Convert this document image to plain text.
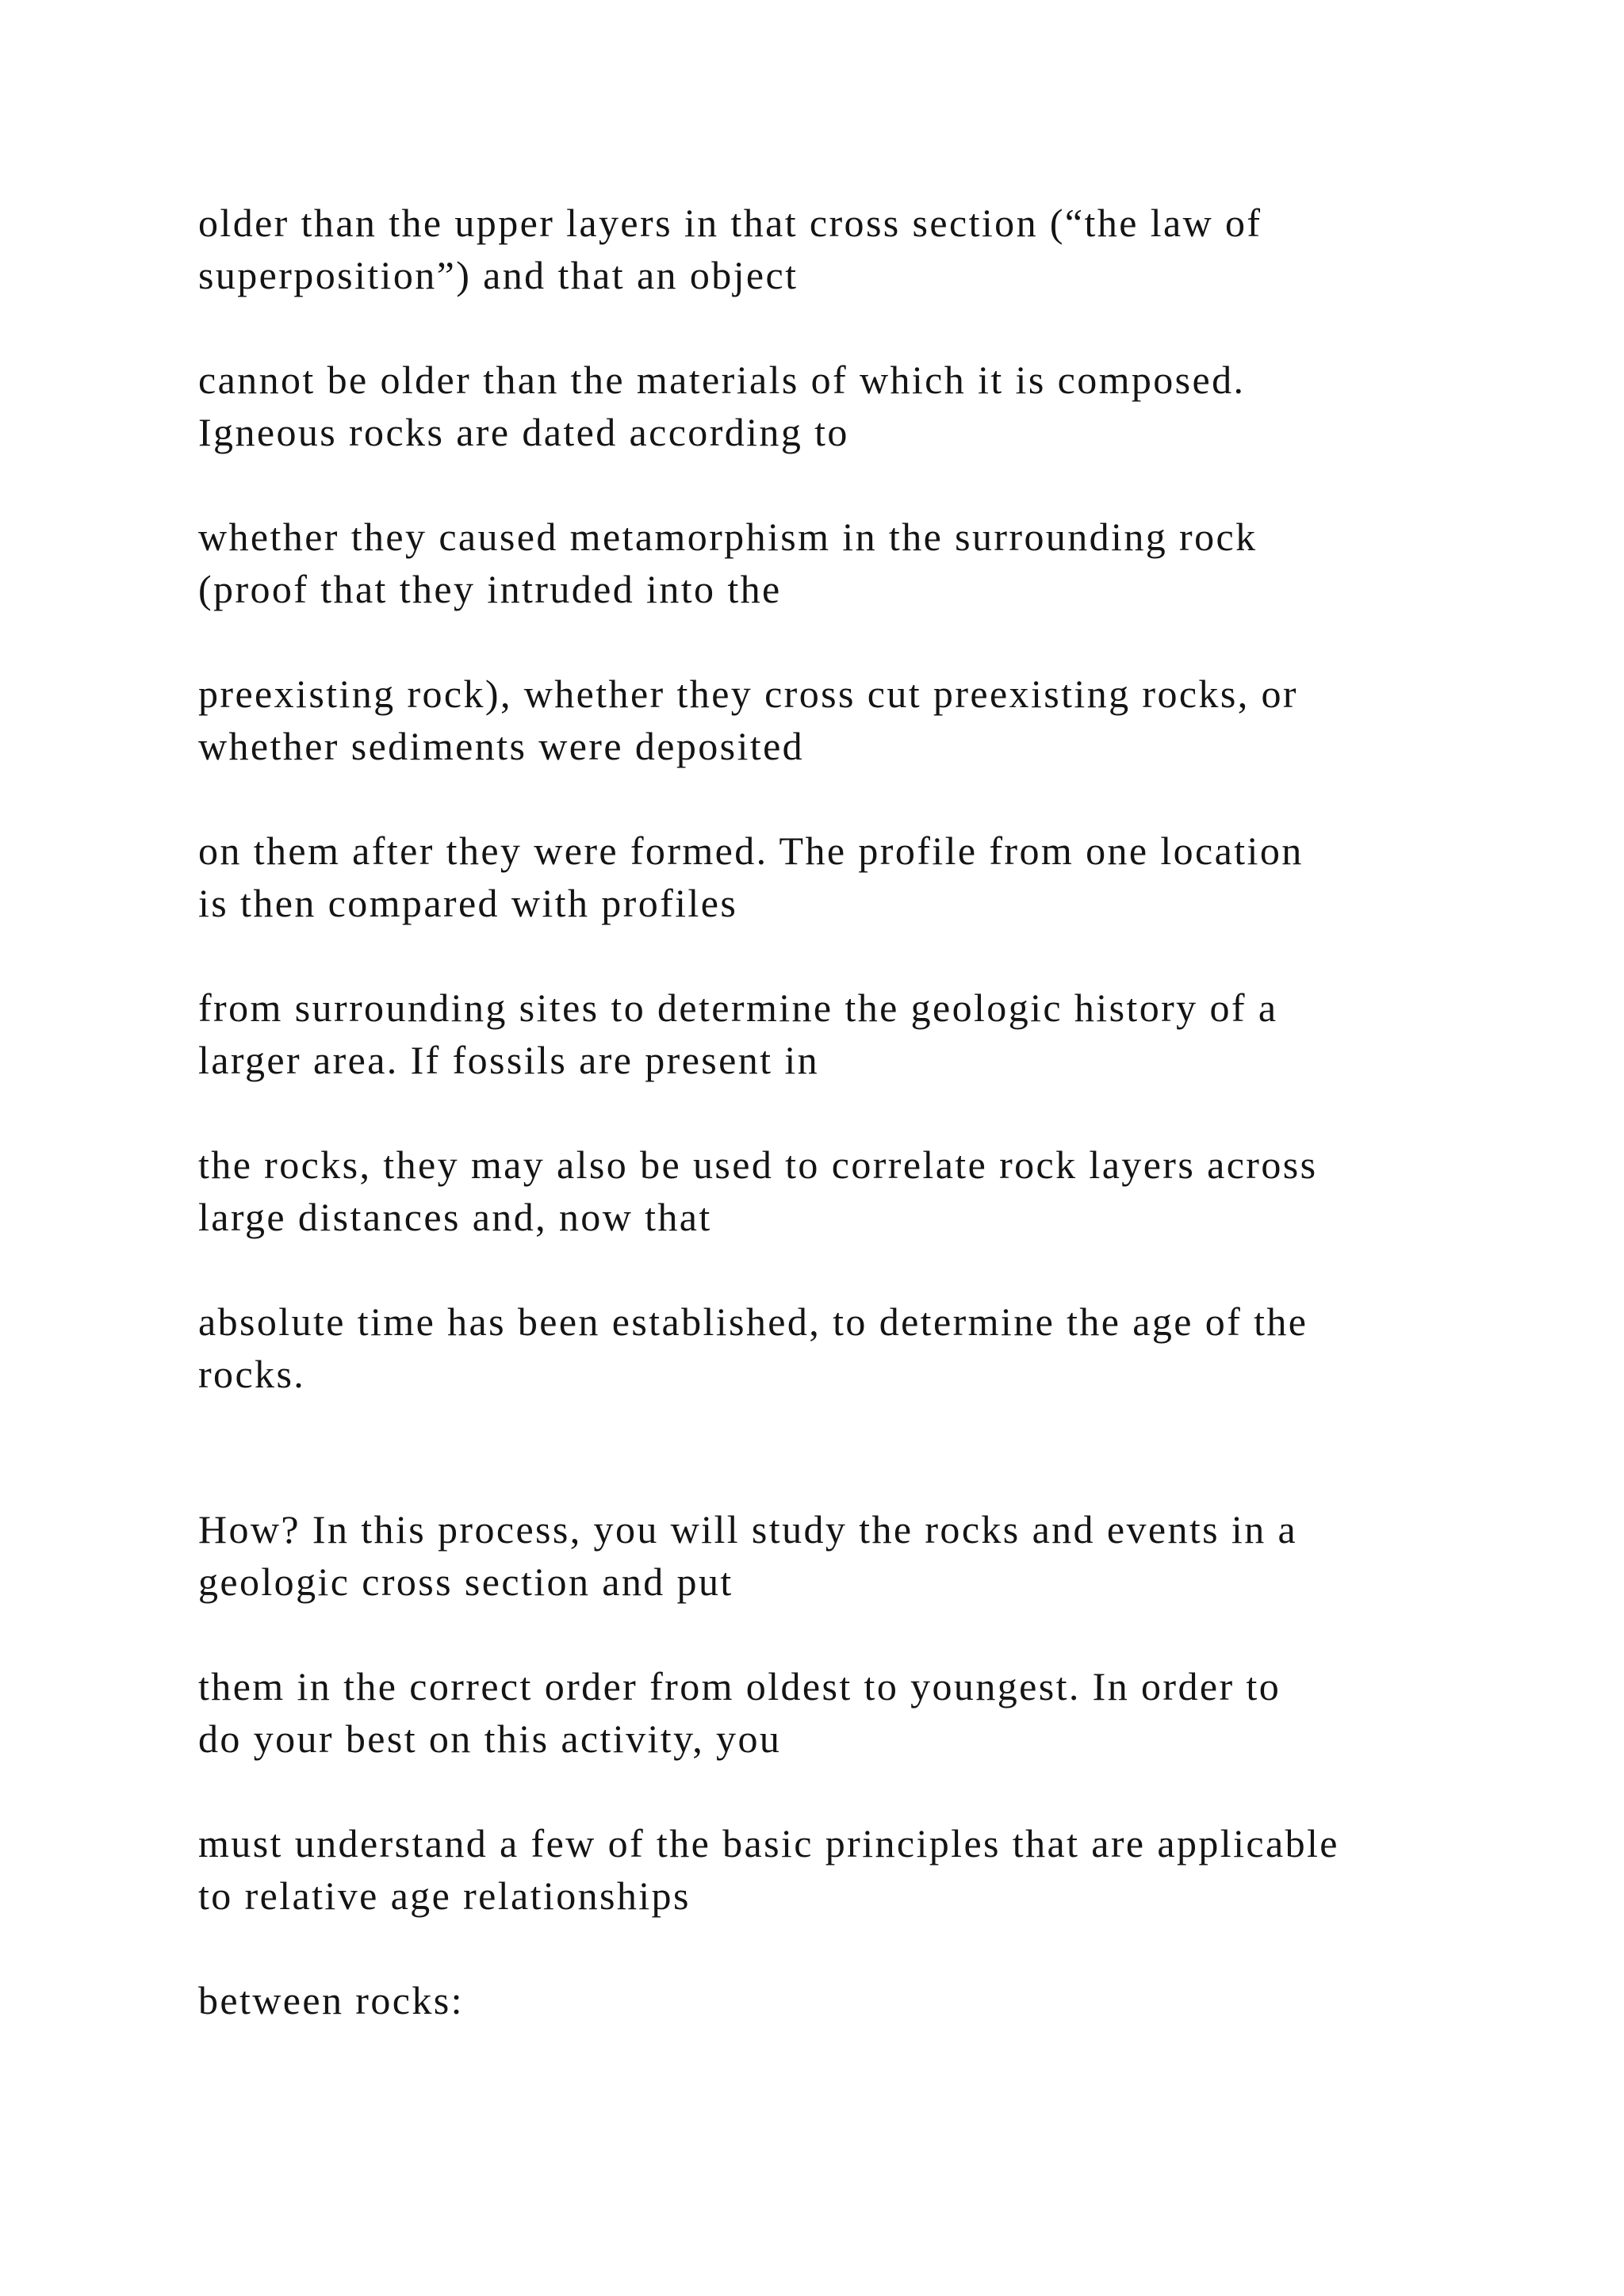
older than the upper layers in that cross section (“the law of
superposition”) and that an object

cannot be older than the materials of which it is composed.
Igneous rocks are dated according to

whether they caused metamorphism in the surrounding rock
(proof that they intruded into the

preexisting rock), whether they cross cut preexisting rocks, or
whether sediments were deposited

on them after they were formed. The profile from one location
is then compared with profiles

from surrounding sites to determine the geologic history of a
larger area. If fossils are present in

the rocks, they may also be used to correlate rock layers across
large distances and, now that

absolute time has been established, to determine the age of the
rocks.

How? In this process, you will study the rocks and events in a
geologic cross section and put

them in the correct order from oldest to youngest. In order to
do your best on this activity, you

must understand a few of the basic principles that are applicable
to relative age relationships

between rocks:
